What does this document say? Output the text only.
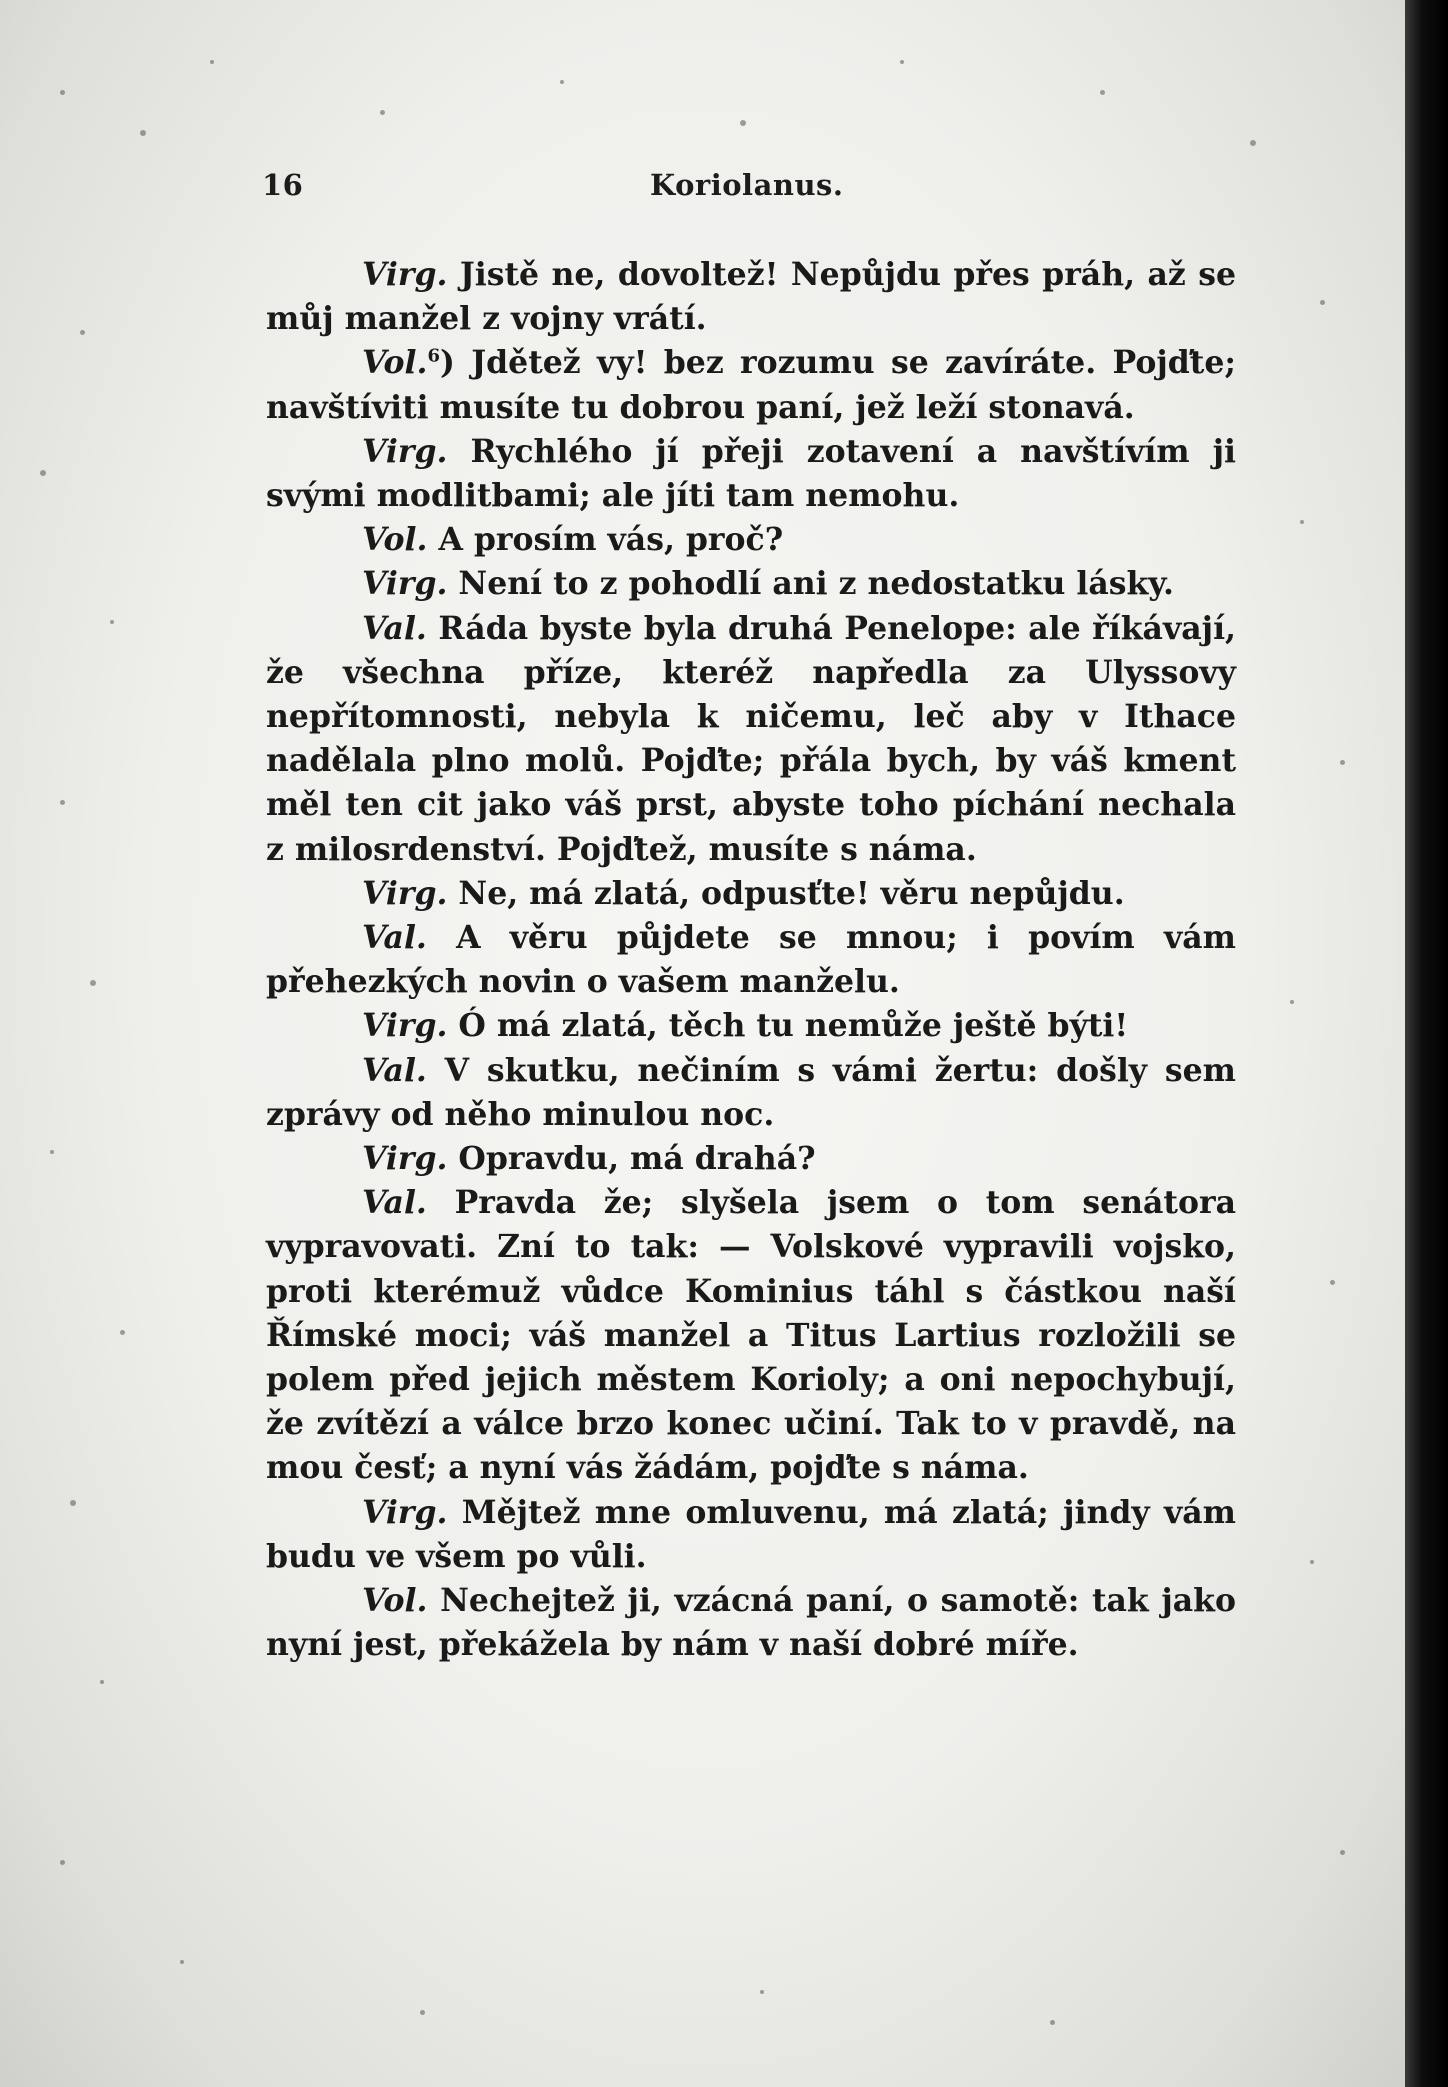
16	Koriolanus.

Virg. Jistě ne, dovoltež! Nepůjdu přes práh, až se můj manžel z vojny vrátí.

Vol.$^6$) Jdětež vy! bez rozumu se zavíráte. Pojďte; navštíviti musíte tu dobrou paní, jež leží stonavá.

Virg. Rychlého jí přeji zotavení a navštívím ji svými modlitbami; ale jíti tam nemohu.

Vol. A prosím vás, proč?

Virg. Není to z pohodlí ani z nedostatku lásky.

Val. Ráda byste byla druhá Penelope: ale říkávají, že všechna příze, kteréž napředla za Ulyssovy nepřítomnosti, nebyla k ničemu, leč aby v Ithace nadělala plno molů. Pojďte; přála bych, by váš kment měl ten cit jako váš prst, abyste toho píchání nechala z milosrdenství. Pojďtež, musíte s náma.

Virg. Ne, má zlatá, odpusťte! věru nepůjdu.

Val. A věru půjdete se mnou; i povím vám přehezkých novin o vašem manželu.

Virg. Ó má zlatá, těch tu nemůže ještě býti!

Val. V skutku, nečiním s vámi žertu: došly sem zprávy od něho minulou noc.

Virg. Opravdu, má drahá?

Val. Pravda že; slyšela jsem o tom senátora vypravovati. Zní to tak: — Volskové vypravili vojsko, proti kterémuž vůdce Kominius táhl s částkou naší Římské moci; váš manžel a Titus Lartius rozložili se polem před jejich městem Korioly; a oni nepochybují, že zvítězí a válce brzo konec učiní. Tak to v pravdě, na mou česť; a nyní vás žádám, pojďte s náma.

Virg. Mějtež mne omluvenu, má zlatá; jindy vám budu ve všem po vůli.

Vol. Nechejtež ji, vzácná paní, o samotě: tak jako nyní jest, překážela by nám v naší dobré míře.
